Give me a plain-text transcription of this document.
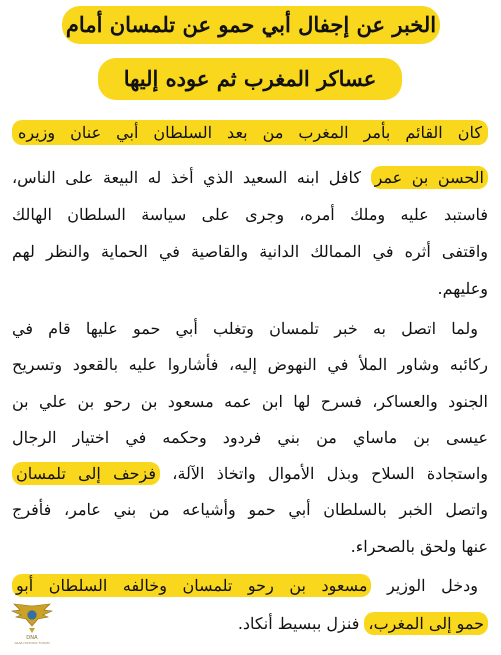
الخبر عن إجفال أبي حمو عن تلمسان أمام
عساكر المغرب ثم عوده إليها
كان القائم بأمر المغرب من بعد السلطان أبي عنان وزيره
الحسن بن عمر كافل ابنه السعيد الذي أخذ له البيعة على الناس،
فاستبد عليه وملك أمره، وجرى على سياسة السلطان الهالك
واقتفى أثره في الممالك الدانية والقاصية في الحماية والنظر لهم
وعليهم.
ولما اتصل به خبر تلمسان وتغلب أبي حمو عليها قام في
ركائبه وشاور الملأ في النهوض إليه، فأشاروا عليه بالقعود وتسريح
الجنود والعساكر، فسرح لها ابن عمه مسعود بن رحو بن علي بن
عيسى بن ماساي من بني فردود وحكمه في اختيار الرجال
واستجادة السلاح وبذل الأموال واتخاذ الآلة، فزحف إلى تلمسان
واتصل الخبر بالسلطان أبي حمو وأشياعه من بني عامر، فأفرج
عنها ولحق بالصحراء.
ودخل الوزير مسعود بن رحو تلمسان وخالفه السلطان أبو
حمو إلى المغرب، فنزل ببسيط أنكاد.
DNA
ARAB HISTORIC FORUM
